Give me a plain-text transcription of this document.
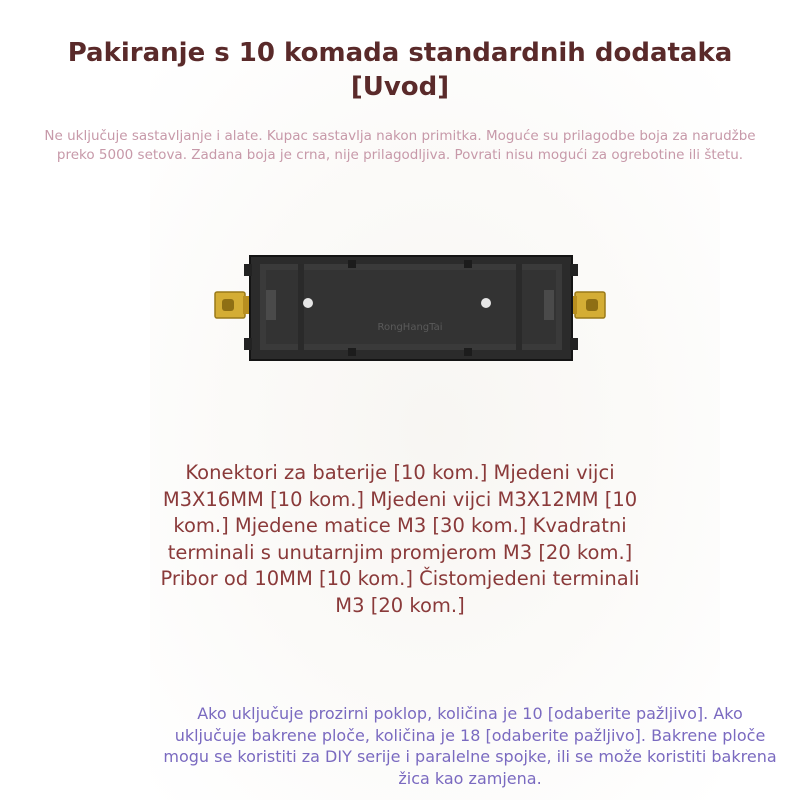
Pakiranje s 10 komada standardnih dodataka [Uvod]

Ne uključuje sastavljanje i alate. Kupac sastavlja nakon primitka. Moguće su prilagodbe boja za narudžbe preko 5000 setova. Zadana boja je crna, nije prilagodljiva. Povrati nisu mogući za ogrebotine ili štetu.

RongHangTai

Konektori za baterije [10 kom.] Mjedeni vijci M3X16MM [10 kom.] Mjedeni vijci M3X12MM [10 kom.] Mjedene matice M3 [30 kom.] Kvadratni terminali s unutarnjim promjerom M3 [20 kom.] Pribor od 10MM [10 kom.] Čistomjedeni terminali M3 [20 kom.]

Ako uključuje prozirni poklop, količina je 10 [odaberite pažljivo]. Ako uključuje bakrene ploče, količina je 18 [odaberite pažljivo]. Bakrene ploče mogu se koristiti za DIY serije i paralelne spojke, ili se može koristiti bakrena žica kao zamjena.
